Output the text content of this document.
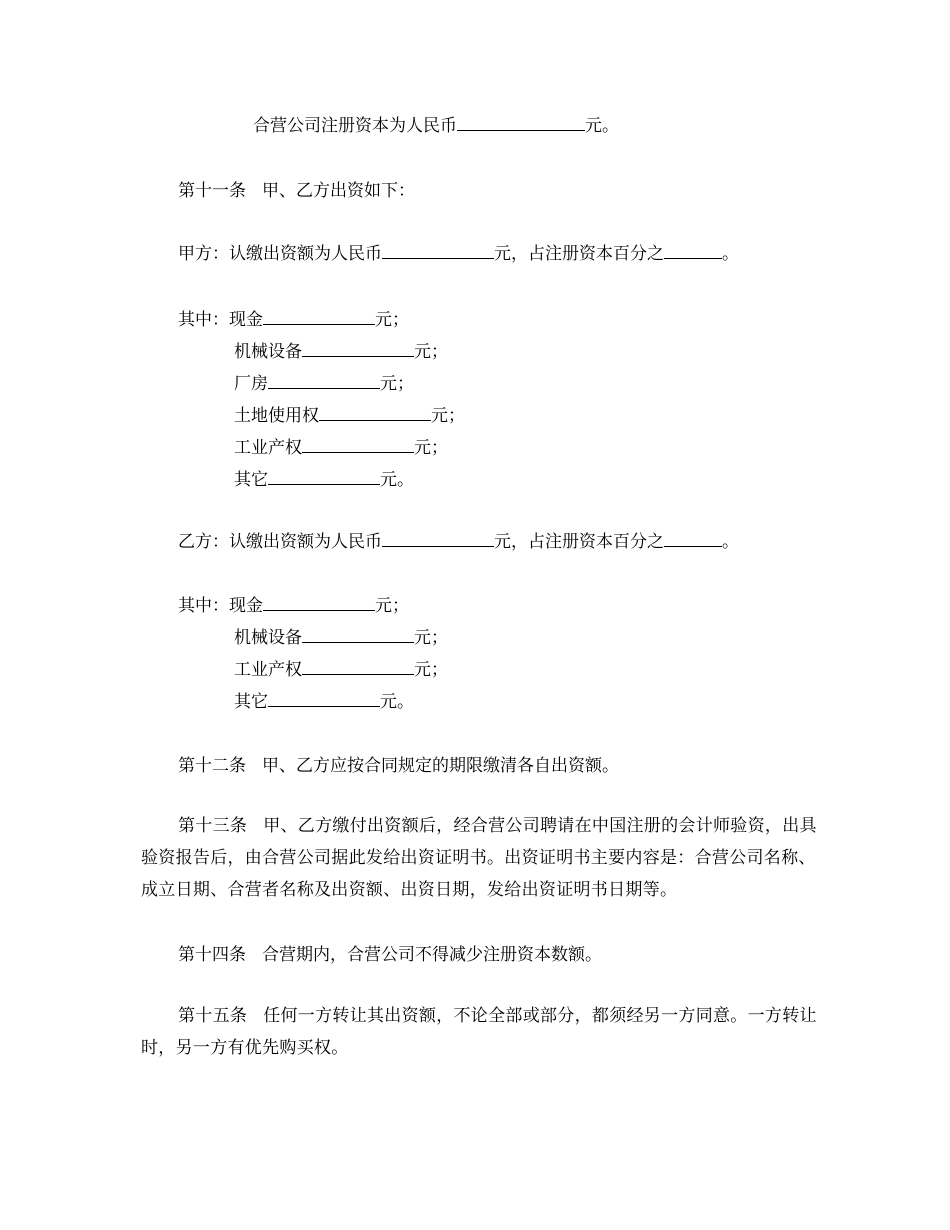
合营公司注册资本为人民币	元。
第十一条 甲、乙方出资如下：
甲方：认缴出资额为人民币	元，占注册资本百分之	。
其中：现金	元；
机械设备	元；
厂房	元；
土地使用权	元；
工业产权	元；
其它	元。
乙方：认缴出资额为人民币	元，占注册资本百分之	。
其中：现金	元；
机械设备	元；
工业产权	元；
其它	元。
第十二条 甲、乙方应按合同规定的期限缴清各自出资额。
第十三条 甲、乙方缴付出资额后，经合营公司聘请在中国注册的会计师验资，出具验资报告后，由合营公司据此发给出资证明书。出资证明书主要内容是：合营公司名称、成立日期、合营者名称及出资额、出资日期，发给出资证明书日期等。
第十四条 合营期内，合营公司不得减少注册资本数额。
第十五条 任何一方转让其出资额，不论全部或部分，都须经另一方同意。一方转让时，另一方有优先购买权。
